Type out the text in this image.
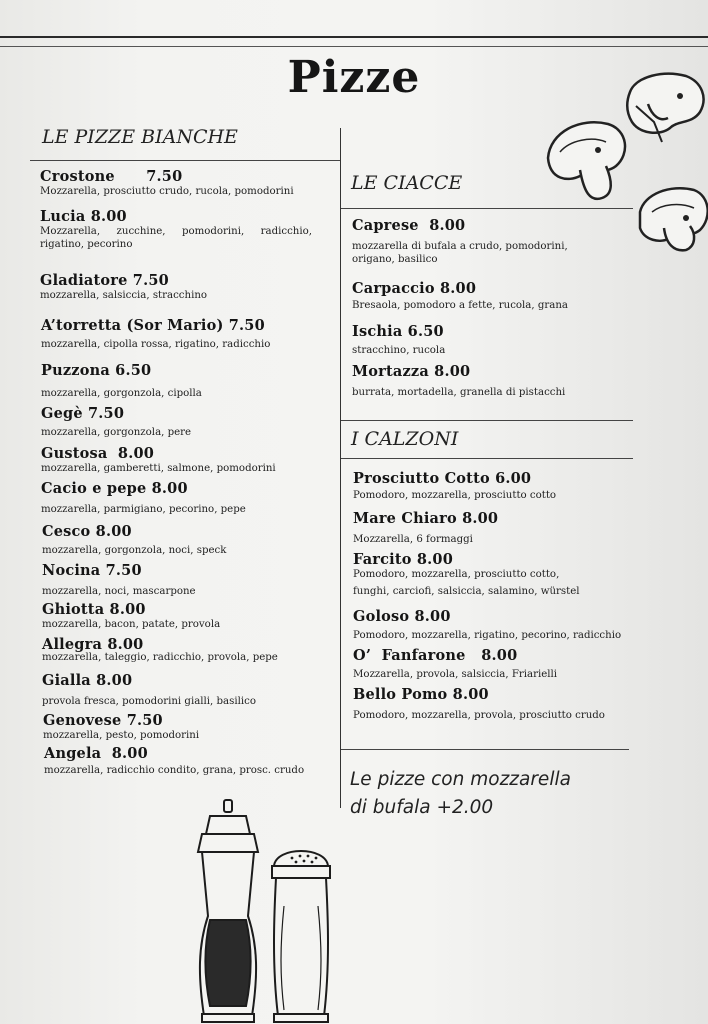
Pizze
LE PIZZE BIANCHE
LE CIACCE
I CALZONI
Crostone      7.50
Mozzarella, prosciutto crudo, rucola, pomodorini
Lucia 8.00
Mozzarella, zucchine, pomodorini, radicchio, rigatino, pecorino
Gladiatore 7.50
mozzarella, salsiccia, stracchino
A’torretta (Sor Mario) 7.50
mozzarella, cipolla rossa, rigatino, radicchio
Puzzona 6.50
mozzarella, gorgonzola, cipolla
Gegè 7.50
mozzarella, gorgonzola, pere
Gustosa  8.00
mozzarella, gamberetti, salmone, pomodorini
Cacio e pepe 8.00
mozzarella, parmigiano, pecorino, pepe
Cesco 8.00
mozzarella, gorgonzola, noci, speck
Nocina 7.50
mozzarella, noci, mascarpone
Ghiotta 8.00
mozzarella, bacon, patate, provola
Allegra 8.00
mozzarella, taleggio, radicchio, provola, pepe
Gialla 8.00
provola fresca, pomodorini gialli, basilico
Genovese 7.50
mozzarella, pesto, pomodorini
Angela  8.00
mozzarella, radicchio condito, grana, prosc. crudo
Caprese  8.00
mozzarella di bufala a crudo, pomodorini, origano, basilico
Carpaccio 8.00
Bresaola, pomodoro a fette, rucola, grana
Ischia 6.50
stracchino, rucola
Mortazza 8.00
burrata, mortadella, granella di pistacchi
Prosciutto Cotto 6.00
Pomodoro, mozzarella, prosciutto cotto
Mare Chiaro 8.00
Mozzarella, 6 formaggi
Farcito 8.00
Pomodoro, mozzarella, prosciutto cotto, funghi, carciofi, salsiccia, salamino, würstel
Goloso 8.00
Pomodoro, mozzarella, rigatino, pecorino, radicchio
O’  Fanfarone   8.00
Mozzarella, provola, salsiccia, Friarielli
Bello Pomo 8.00
Pomodoro, mozzarella, provola, prosciutto crudo
Le pizze con mozzarella
di bufala +2.00
